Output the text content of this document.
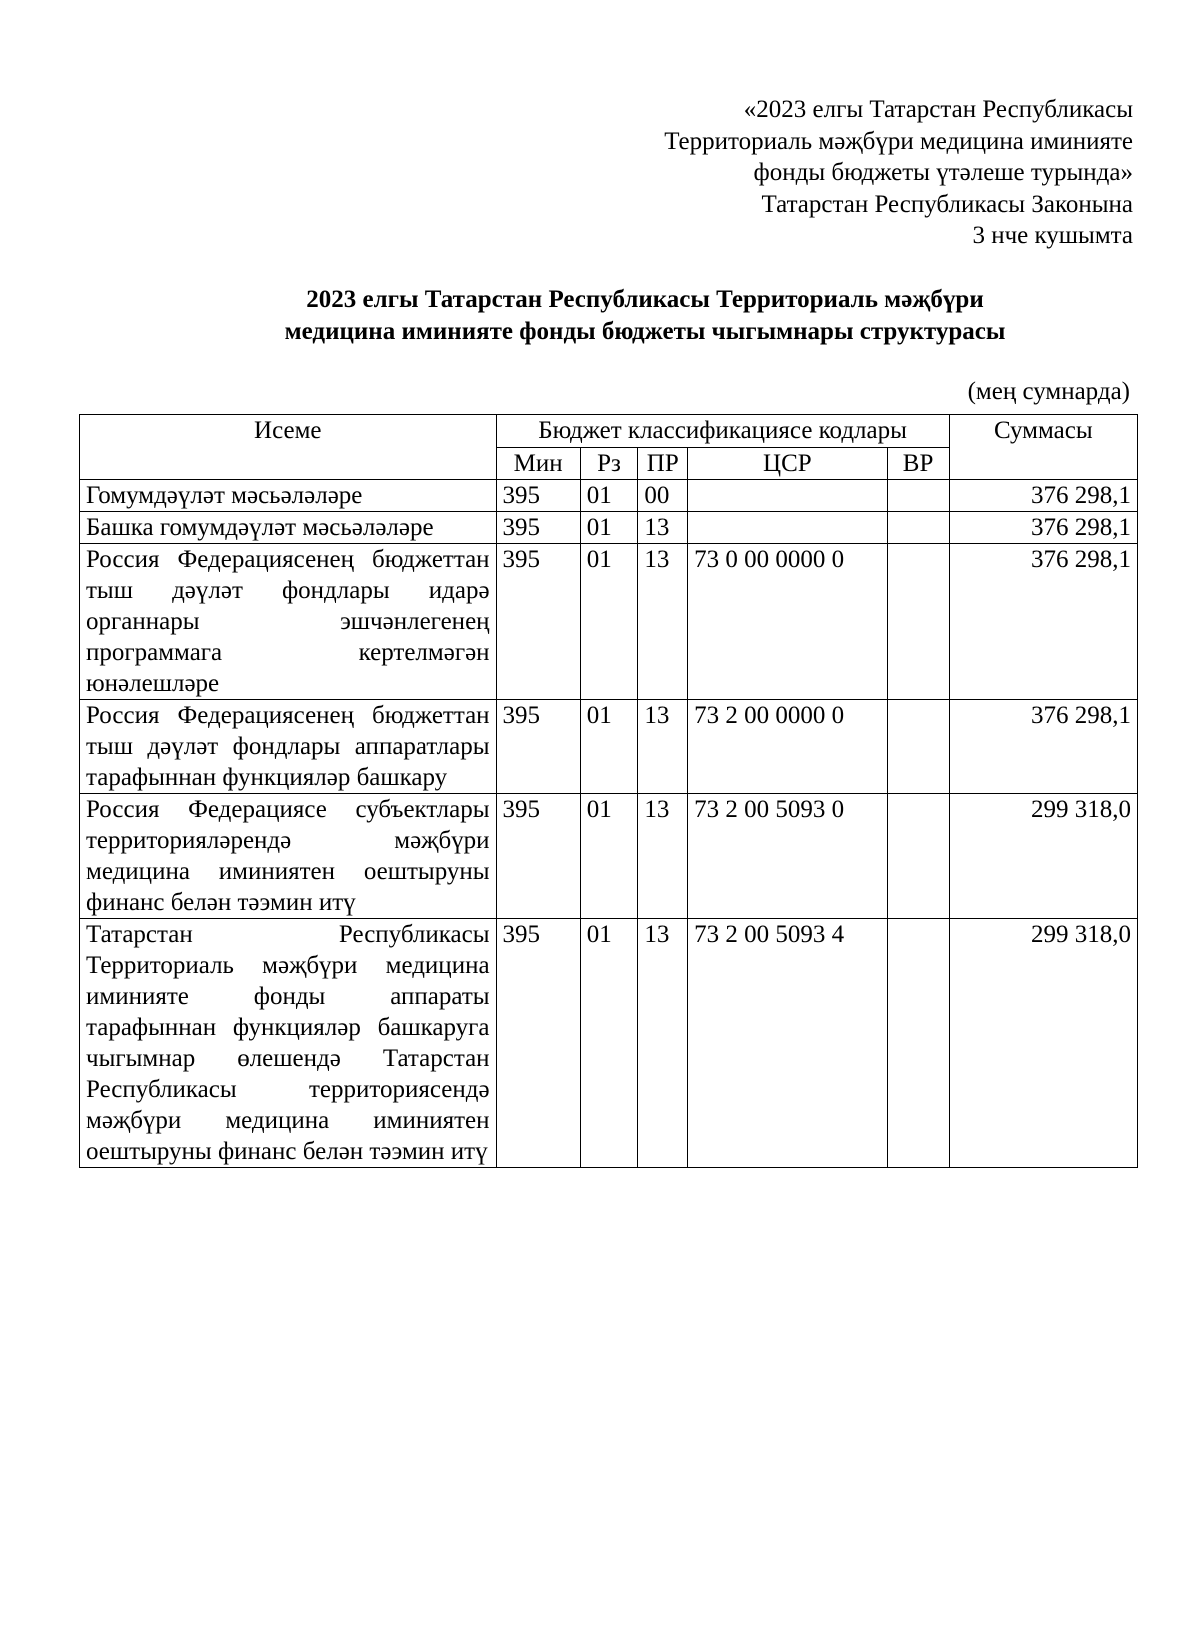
«2023 елгы Татарстан Республикасы
Территориаль мәҗбүри медицина иминияте
фонды бюджеты үтәлеше турында»
Татарстан Республикасы Законына
3 нче кушымта
2023 елгы Татарстан Республикасы Территориаль мәҗбүри
медицина иминияте фонды бюджеты чыгымнары структурасы
(мең сумнарда)
Исеме	Бюджет классификациясе кодлары					Суммасы
	Мин	Рз	ПР	ЦСР	ВР	
Гомумдәүләт мәсьәләләре	395	01	00			376 298,1
Башка гомумдәүләт мәсьәләләре	395	01	13			376 298,1
Россия Федерациясенең бюджеттан тыш дәүләт фондлары идарә органнары эшчәнлегенең программага кертелмәгән юнәлешләре	395	01	13	73 0 00 0000 0		376 298,1
Россия Федерациясенең бюджеттан тыш дәүләт фондлары аппаратлары тарафыннан функцияләр башкару	395	01	13	73 2 00 0000 0		376 298,1
Россия Федерациясе субъектлары территорияләрендә мәҗбүри медицина иминиятен оештыруны финанс белән тәэмин итү	395	01	13	73 2 00 5093 0		299 318,0
Татарстан Республикасы Территориаль мәҗбүри медицина иминияте фонды аппараты тарафыннан функцияләр башкаруга чыгымнар өлешендә Татарстан Республикасы территориясендә мәҗбүри медицина иминиятен оештыруны финанс белән тәэмин итү	395	01	13	73 2 00 5093 4		299 318,0
